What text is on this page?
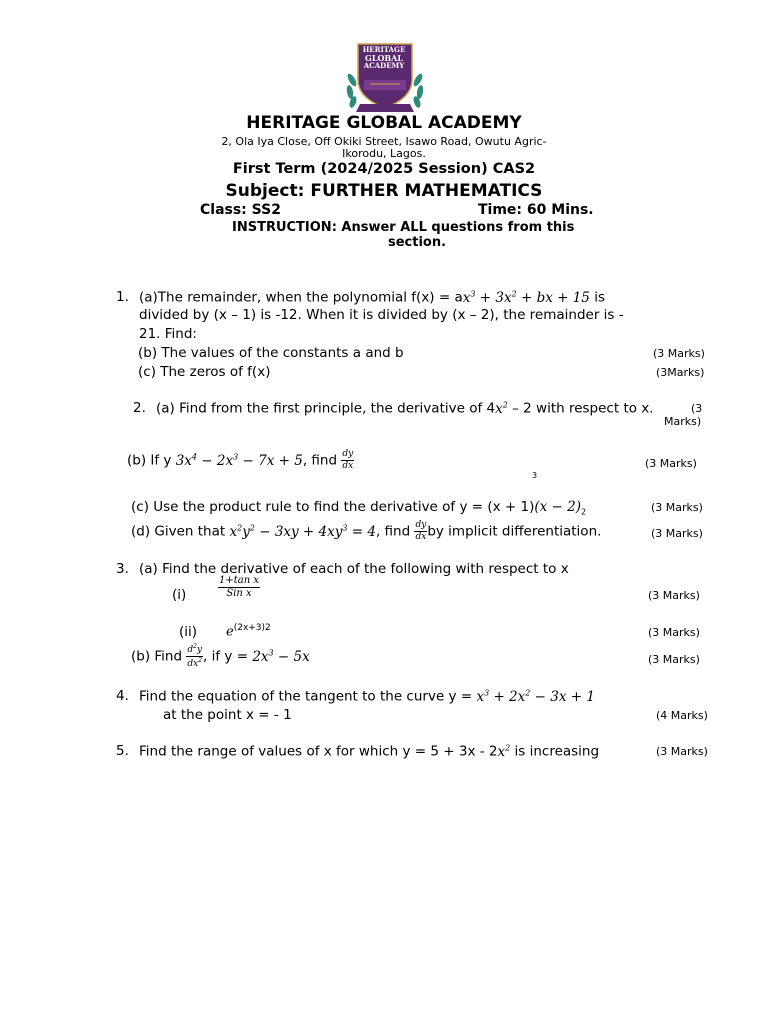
HERITAGE
GLOBAL
ACADEMY
HERITAGE GLOBAL ACADEMY
2, Ola Iya Close, Off Okiki Street, Isawo Road, Owutu Agric-
Ikorodu, Lagos.
First Term (2024/2025 Session) CAS2
Subject: FURTHER MATHEMATICS
Class: SS2	Time: 60 Mins.
INSTRUCTION: Answer ALL questions from this
section.
1. (a)The remainder, when the polynomial $f(x) = ax^3 + 3x^2$ + bx + 15 is
divided by (x – 1) is -12. When it is divided by (x – 2), the remainder is -
21. Find:
(b) The values of the constants a and b	(3 Marks)
(c) The zeros of f(x)	(3Marks)
2. (a) Find from the first principle, the derivative of $4x^2 - 2$ with respect to x.	(3
Marks)
(b) If y $3x^4 - 2x^3 - 7x + 5$, find $\frac{dy}{dx}$	(3 Marks)
3
(c) Use the product rule to find the derivative of $y = (x + 1)(x - 2)_2$	(3 Marks)
(d) Given that $x^2y^2 - 3xy + 4xy^3 = 4$, find $\frac{dy}{dx}$ by implicit differentiation.	(3 Marks)
3. (a) Find the derivative of each of the following with respect to x
(i)	$\frac{\text{1+tan x}}{\text{Sin x}}$	(3 Marks)
(ii) $e^{(2x+3)2}$	(3 Marks)
(b) Find $\frac{d^2y}{dx^2}$ , if $y = 2x^3 - 5x$	(3 Marks)
4. Find the equation of the tangent to the curve $y = x^3 + 2x^2 - 3x + 1$
at the point x = - 1	(4 Marks)
5. Find the range of values of x for which $y = 5 + 3x - 2x^2$ is increasing	(3 Marks)
